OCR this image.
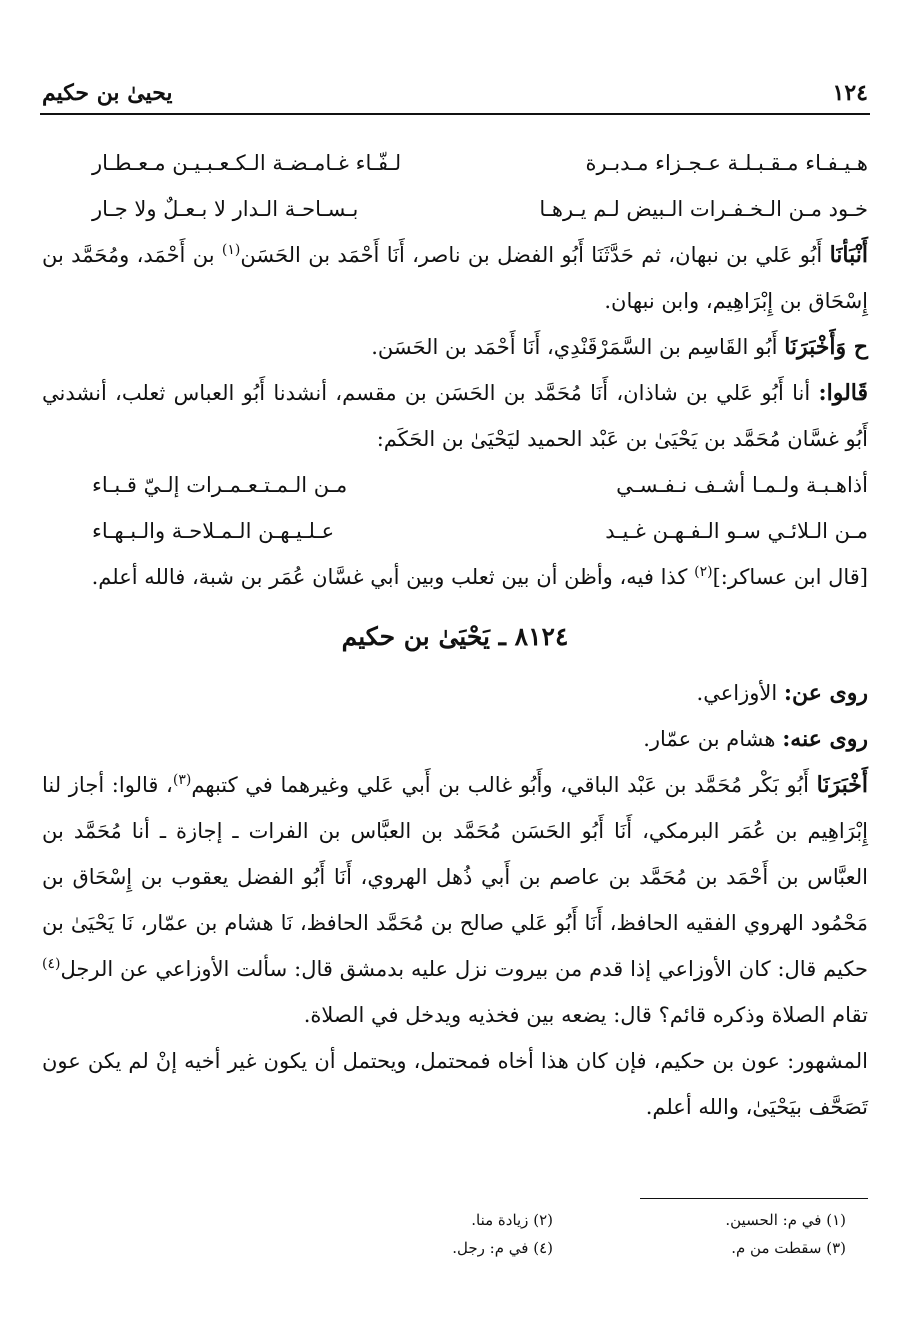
١٢٤
يحيىٰ بن حكيم
هـيـفـاء مـقـبـلـة عـجـزاء مـدبـرة
لـفّـاء غـامـضـة الـكـعـبـيـن مـعـطـار
خـود مـن الـخـفـرات الـبيض لـم يـرهـا
بـسـاحـة الـدار لا بـعـلٌ ولا جـار

أَنْبَأنَا أَبُو عَلي بن نبهان، ثم حَدَّثَنَا أَبُو الفضل بن ناصر، أَنَا أَحْمَد بن الحَسَن$^{(١)}$ بن أَحْمَد، ومُحَمَّد بن إِسْحَاق بن إِبْرَاهِيم، وابن نبهان.

ح وَأَخْبَرَنَا أَبُو القَاسِم بن السَّمَرْقَنْدِي، أَنَا أَحْمَد بن الحَسَن.

قَالوا: أنا أَبُو عَلي بن شاذان، أَنَا مُحَمَّد بن الحَسَن بن مقسم، أنشدنا أَبُو العباس ثعلب، أنشدني أَبُو غسَّان مُحَمَّد بن يَحْيَىٰ بن عَبْد الحميد ليَحْيَىٰ بن الحَكَم:

أذاهـبـة ولـمـا أشـف نـفـسـي
مـن الـمـتـعـمـرات إلـيّ قـبـاء
مـن الـلائـي سـو الـفـهـن غـيـد
عـلـيـهـن الـمـلاحـة والـبـهـاء

[قال ابن عساكر:]$^{(٢)}$ كذا فيه، وأظن أن بين ثعلب وبين أبي غسَّان عُمَر بن شبة، فالله أعلم.

٨١٢٤ ـ يَحْيَىٰ بن حكيم

روى عن: الأوزاعي.

روى عنه: هشام بن عمّار.

أَخْبَرَنَا أَبُو بَكْر مُحَمَّد بن عَبْد الباقي، وأَبُو غالب بن أَبي عَلي وغيرهما في كتبهم$^{(٣)}$، قالوا: أجاز لنا إِبْرَاهِيم بن عُمَر البرمكي، أَنَا أَبُو الحَسَن مُحَمَّد بن العبَّاس بن الفرات ـ إجازة ـ أنا مُحَمَّد بن العبَّاس بن أَحْمَد بن مُحَمَّد بن عاصم بن أَبي ذُهل الهروي، أَنَا أَبُو الفضل يعقوب بن إِسْحَاق بن مَحْمُود الهروي الفقيه الحافظ، أَنَا أَبُو عَلي صالح بن مُحَمَّد الحافظ، نَا هشام بن عمّار، نَا يَحْيَىٰ بن حكيم قال: كان الأوزاعي إذا قدم من بيروت نزل عليه بدمشق قال: سألت الأوزاعي عن الرجل$^{(٤)}$ تقام الصلاة وذكره قائم؟ قال: يضعه بين فخذيه ويدخل في الصلاة.

المشهور: عون بن حكيم، فإن كان هذا أخاه فمحتمل، ويحتمل أن يكون غير أخيه إنْ لم يكن عون تَصَحَّف بيَحْيَىٰ، والله أعلم.

(١) في م: الحسين.
(٢) زيادة منا.
(٣) سقطت من م.
(٤) في م: رجل.
